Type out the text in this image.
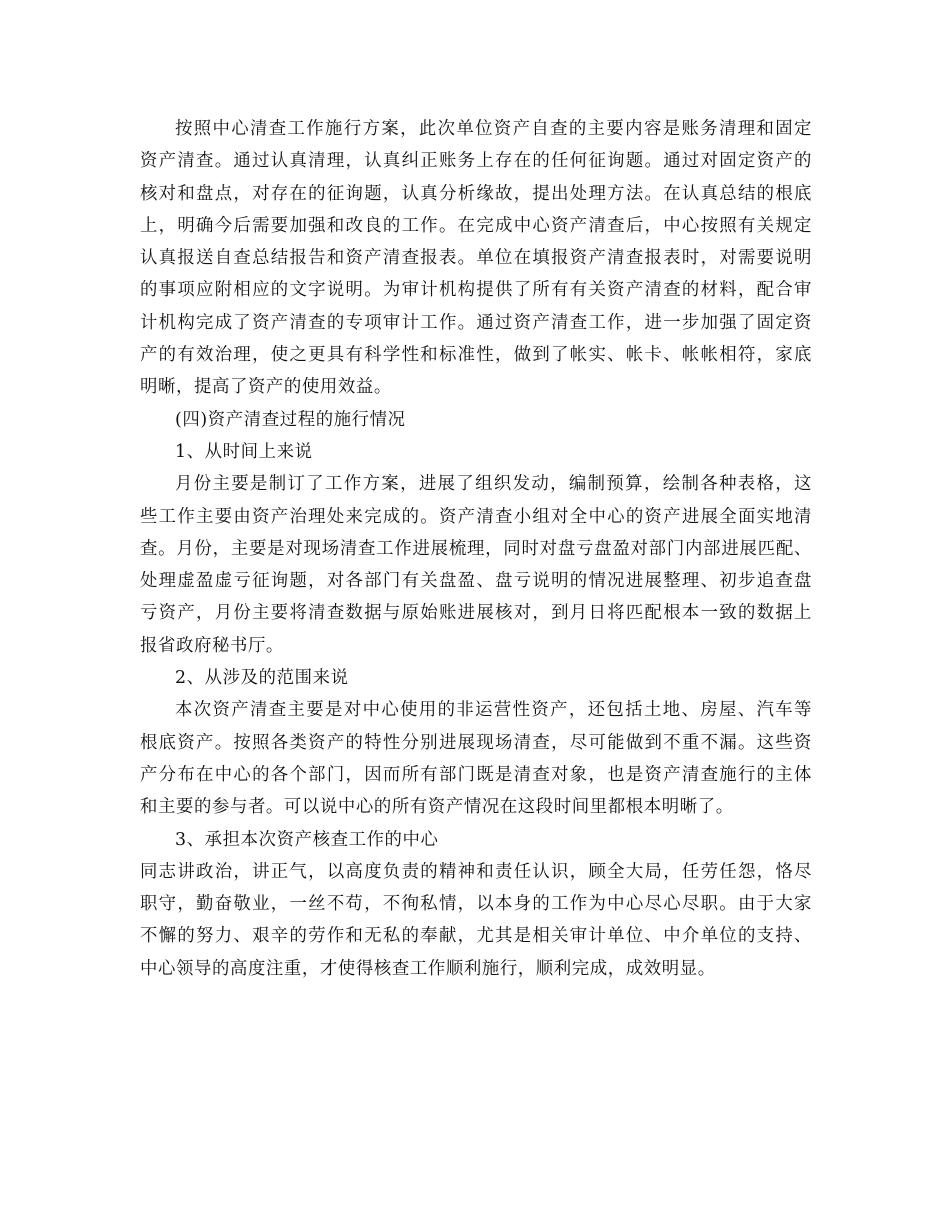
按照中心清查工作施行方案，此次单位资产自查的主要内容是账务清理和固定
资产清查。通过认真清理，认真纠正账务上存在的任何征询题。通过对固定资产的
核对和盘点，对存在的征询题，认真分析缘故，提出处理方法。在认真总结的根底
上，明确今后需要加强和改良的工作。在完成中心资产清查后，中心按照有关规定
认真报送自查总结报告和资产清查报表。单位在填报资产清查报表时，对需要说明
的事项应附相应的文字说明。为审计机构提供了所有有关资产清查的材料，配合审
计机构完成了资产清查的专项审计工作。通过资产清查工作，进一步加强了固定资
产的有效治理，使之更具有科学性和标准性，做到了帐实、帐卡、帐帐相符，家底
明晰，提高了资产的使用效益。
(四)资产清查过程的施行情况
1、从时间上来说
月份主要是制订了工作方案，进展了组织发动，编制预算，绘制各种表格，这
些工作主要由资产治理处来完成的。资产清查小组对全中心的资产进展全面实地清
查。月份，主要是对现场清查工作进展梳理，同时对盘亏盘盈对部门内部进展匹配、
处理虚盈虚亏征询题，对各部门有关盘盈、盘亏说明的情况进展整理、初步追查盘
亏资产，月份主要将清查数据与原始账进展核对，到月日将匹配根本一致的数据上
报省政府秘书厅。
2、从涉及的范围来说
本次资产清查主要是对中心使用的非运营性资产，还包括土地、房屋、汽车等
根底资产。按照各类资产的特性分别进展现场清查，尽可能做到不重不漏。这些资
产分布在中心的各个部门，因而所有部门既是清查对象，也是资产清查施行的主体
和主要的参与者。可以说中心的所有资产情况在这段时间里都根本明晰了。
3、承担本次资产核查工作的中心
同志讲政治，讲正气，以高度负责的精神和责任认识，顾全大局，任劳任怨，恪尽
职守，勤奋敬业，一丝不苟，不徇私情，以本身的工作为中心尽心尽职。由于大家
不懈的努力、艰辛的劳作和无私的奉献，尤其是相关审计单位、中介单位的支持、
中心领导的高度注重，才使得核查工作顺利施行，顺利完成，成效明显。
